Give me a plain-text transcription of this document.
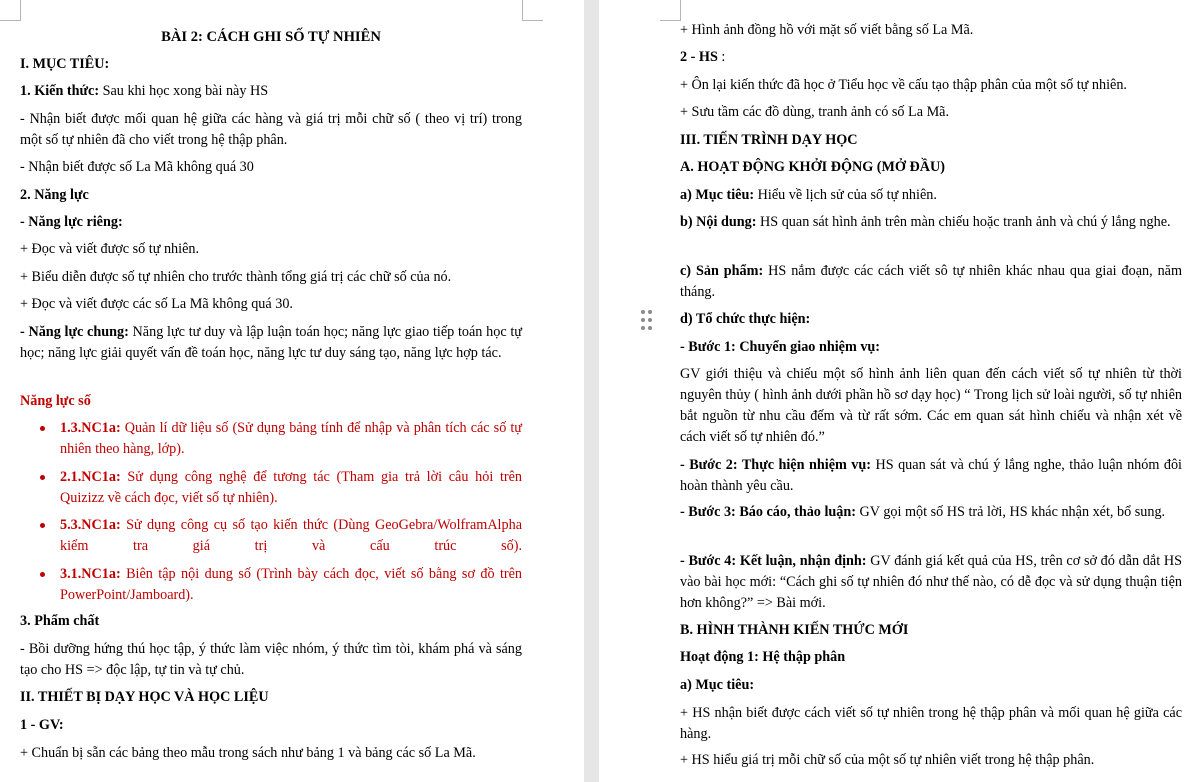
BÀI 2: CÁCH GHI SỐ TỰ NHIÊN

I. MỤC TIÊU:

1. Kiến thức: Sau khi học xong bài này HS

- Nhận biết được mối quan hệ giữa các hàng và giá trị mỗi chữ số ( theo vị trí) trong một số tự nhiên đã cho viết trong hệ thập phân.

- Nhận biết được số La Mã không quá 30

2. Năng lực

- Năng lực riêng:

+ Đọc và viết được số tự nhiên.

+ Biểu diễn được số tự nhiên cho trước thành tổng giá trị các chữ số của nó.

+ Đọc và viết được các số La Mã không quá 30.

- Năng lực chung: Năng lực tư duy và lập luận toán học; năng lực giao tiếp toán học tự học; năng lực giải quyết vấn đề toán học, năng lực tư duy sáng tạo, năng lực hợp tác.

Năng lực số

1.3.NC1a: Quản lí dữ liệu số (Sử dụng bảng tính để nhập và phân tích các số tự nhiên theo hàng, lớp).
2.1.NC1a: Sử dụng công nghệ để tương tác (Tham gia trả lời câu hỏi trên Quizizz về cách đọc, viết số tự nhiên).
5.3.NC1a: Sử dụng công cụ số tạo kiến thức (Dùng GeoGebra/WolframAlpha kiểm tra giá trị và cấu trúc số).
3.1.NC1a: Biên tập nội dung số (Trình bày cách đọc, viết số bằng sơ đồ trên PowerPoint/Jamboard).

3. Phẩm chất

- Bồi dưỡng hứng thú học tập, ý thức làm việc nhóm, ý thức tìm tòi, khám phá và sáng tạo cho HS => độc lập, tự tin và tự chủ.

II. THIẾT BỊ DẠY HỌC VÀ HỌC LIỆU

1 - GV:

+ Chuẩn bị sẵn các bảng theo mẫu trong sách như bảng 1 và bảng các số La Mã.

+ Hình ảnh đồng hồ với mặt số viết bằng số La Mã.

2 - HS :

+ Ôn lại kiến thức đã học ở Tiểu học về cấu tạo thập phân của một số tự nhiên.

+ Sưu tầm các đồ dùng, tranh ảnh có số La Mã.

III. TIẾN TRÌNH DẠY HỌC

A. HOẠT ĐỘNG KHỞI ĐỘNG (MỞ ĐẦU)

a) Mục tiêu: Hiểu về lịch sử của số tự nhiên.

b) Nội dung: HS quan sát hình ảnh trên màn chiếu hoặc tranh ảnh và chú ý lắng nghe.

c) Sản phẩm: HS nắm được các cách viết sô tự nhiên khác nhau qua giai đoạn, năm tháng.

d) Tổ chức thực hiện:

- Bước 1: Chuyển giao nhiệm vụ:

GV giới thiệu và chiếu một số hình ảnh liên quan đến cách viết số tự nhiên từ thời nguyên thủy ( hình ảnh dưới phần hồ sơ dạy học) “ Trong lịch sử loài người, số tự nhiên bắt nguồn từ nhu cầu đếm và từ rất sớm. Các em quan sát hình chiếu và nhận xét về cách viết số tự nhiên đó.”

- Bước 2: Thực hiện nhiệm vụ: HS quan sát và chú ý lắng nghe, thảo luận nhóm đôi hoàn thành yêu cầu.

- Bước 3: Báo cáo, thảo luận: GV gọi một số HS trả lời, HS khác nhận xét, bổ sung.

- Bước 4: Kết luận, nhận định: GV đánh giá kết quả của HS, trên cơ sở đó dẫn dắt HS vào bài học mới: “Cách ghi số tự nhiên đó như thế nào, có dễ đọc và sử dụng thuận tiện hơn không?” => Bài mới.

B. HÌNH THÀNH KIẾN THỨC MỚI

Hoạt động 1: Hệ thập phân

a) Mục tiêu:

+ HS nhận biết được cách viết số tự nhiên trong hệ thập phân và mối quan hệ giữa các hàng.

+ HS hiểu giá trị mỗi chữ số của một số tự nhiên viết trong hệ thập phân.
